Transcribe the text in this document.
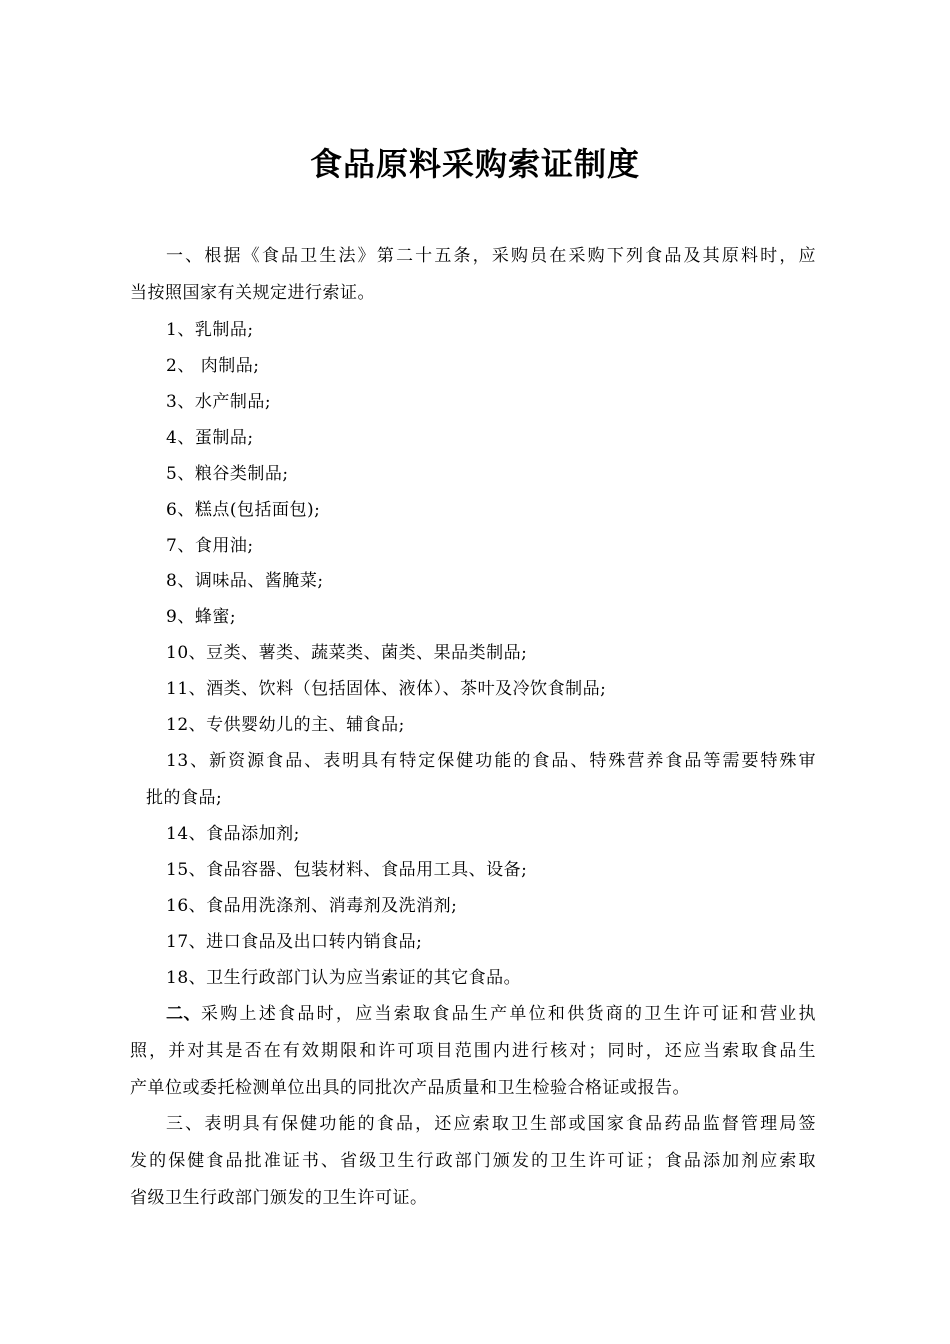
食品原料采购索证制度
一、根据《食品卫生法》第二十五条，采购员在采购下列食品及其原料时，应
当按照国家有关规定进行索证。
1、乳制品;
2、 肉制品;
3、水产制品;
4、蛋制品;
5、粮谷类制品;
6、糕点(包括面包);
7、食用油;
8、调味品、酱腌菜;
9、蜂蜜;
10、豆类、薯类、蔬菜类、菌类、果品类制品;
11、酒类、饮料（包括固体、液体）、茶叶及冷饮食制品;
12、专供婴幼儿的主、辅食品;
13、新资源食品、表明具有特定保健功能的食品、特殊营养食品等需要特殊审
批的食品;
14、食品添加剂;
15、食品容器、包装材料、食品用工具、设备;
16、食品用洗涤剂、消毒剂及洗消剂;
17、进口食品及出口转内销食品;
18、卫生行政部门认为应当索证的其它食品。
二、 采购上述食品时，应当索取食品生产单位和供货商的卫生许可证和营业执
照，并对其是否在有效期限和许可项目范围内进行核对；同时，还应当索取食品生
产单位或委托检测单位出具的同批次产品质量和卫生检验合格证或报告。
三、表明具有保健功能的食品，还应索取卫生部或国家食品药品监督管理局签
发的保健食品批准证书、省级卫生行政部门颁发的卫生许可证；食品添加剂应索取
省级卫生行政部门颁发的卫生许可证。
